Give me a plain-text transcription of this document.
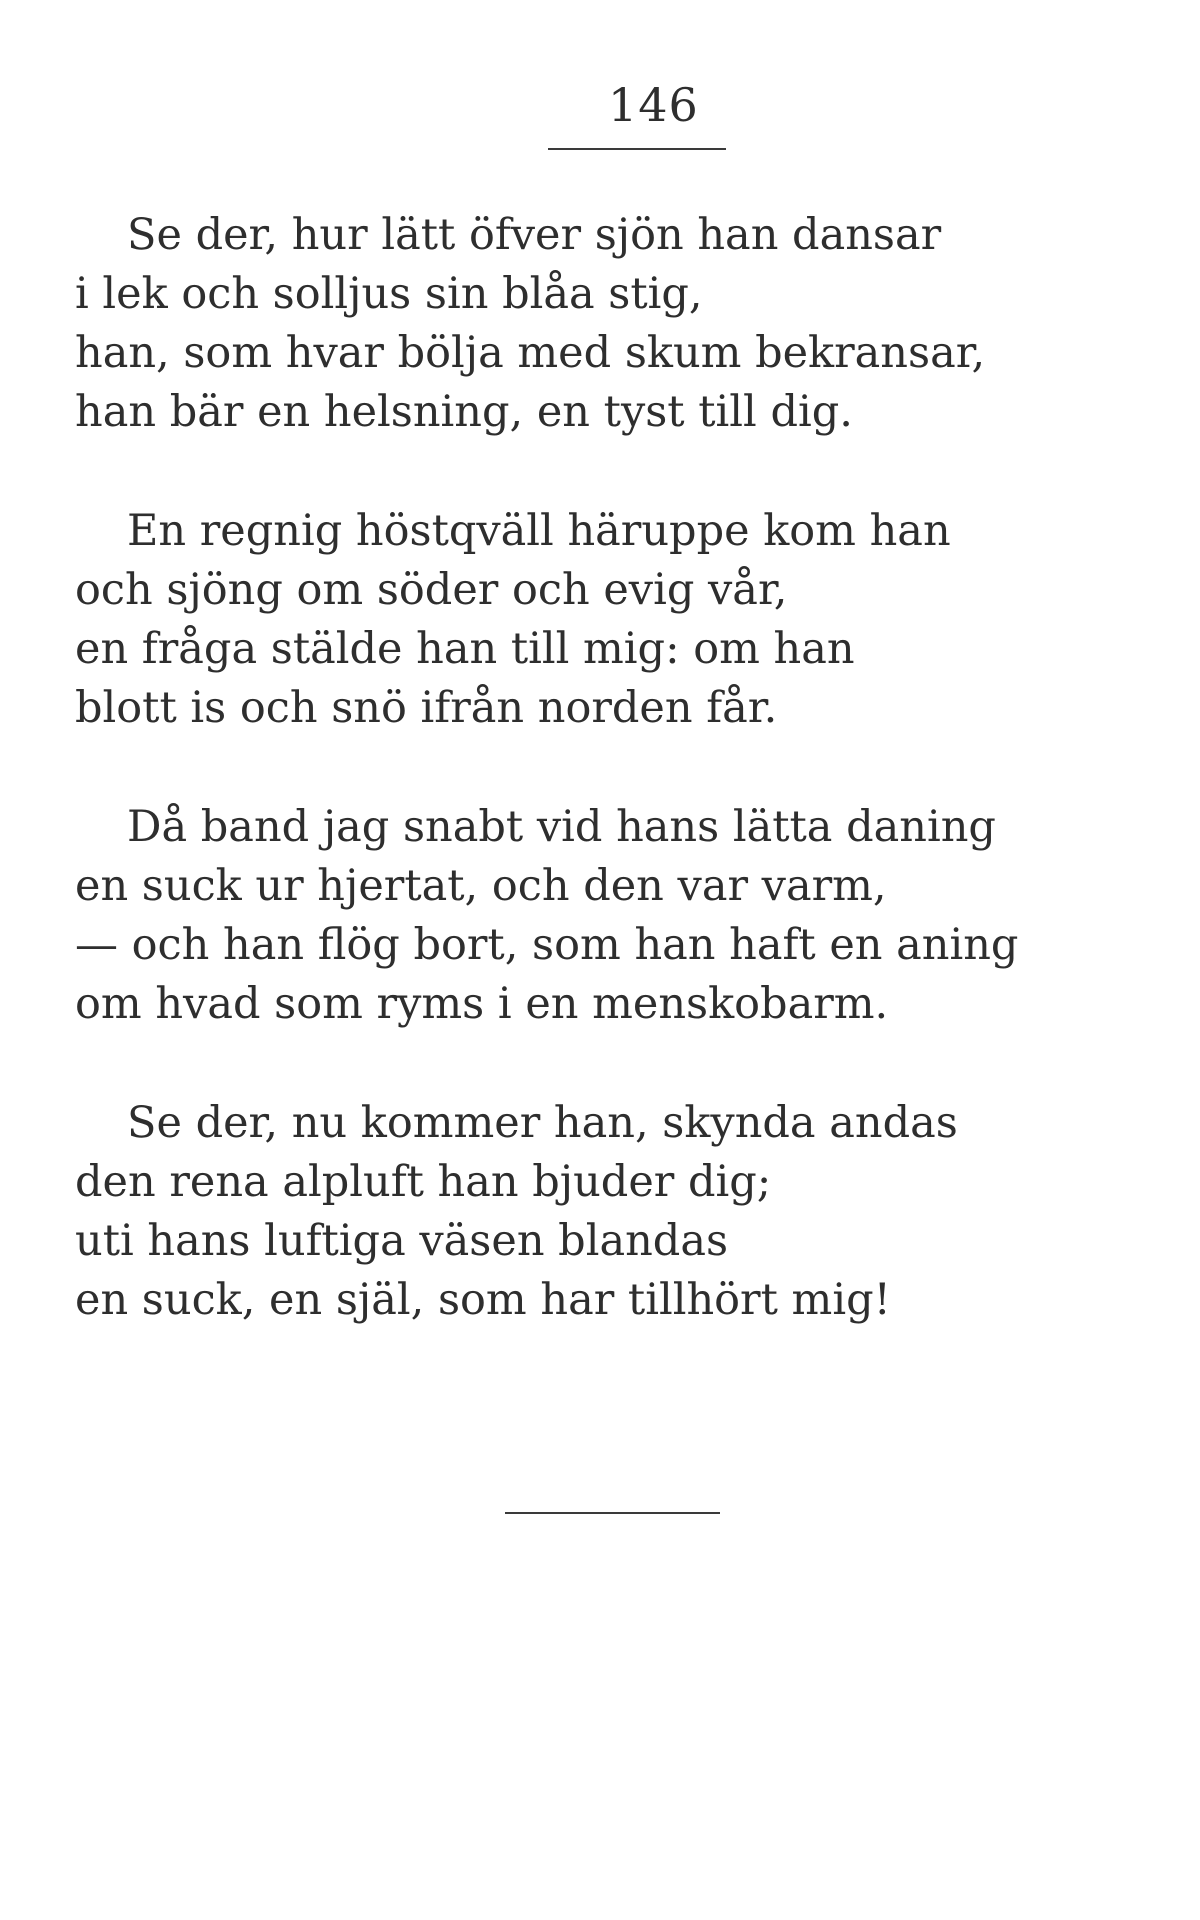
146
Se der, hur lätt öfver sjön han dansar
i lek och solljus sin blåa stig,
han, som hvar bölja med skum bekransar,
han bär en helsning, en tyst till dig.
En regnig höstqväll häruppe kom han
och sjöng om söder och evig vår,
en fråga stälde han till mig: om han
blott is och snö ifrån norden får.
Då band jag snabt vid hans lätta daning
en suck ur hjertat, och den var varm,
— och han flög bort, som han haft en aning
om hvad som ryms i en menskobarm.
Se der, nu kommer han, skynda andas
den rena alpluft han bjuder dig;
uti hans luftiga väsen blandas
en suck, en själ, som har tillhört mig!
